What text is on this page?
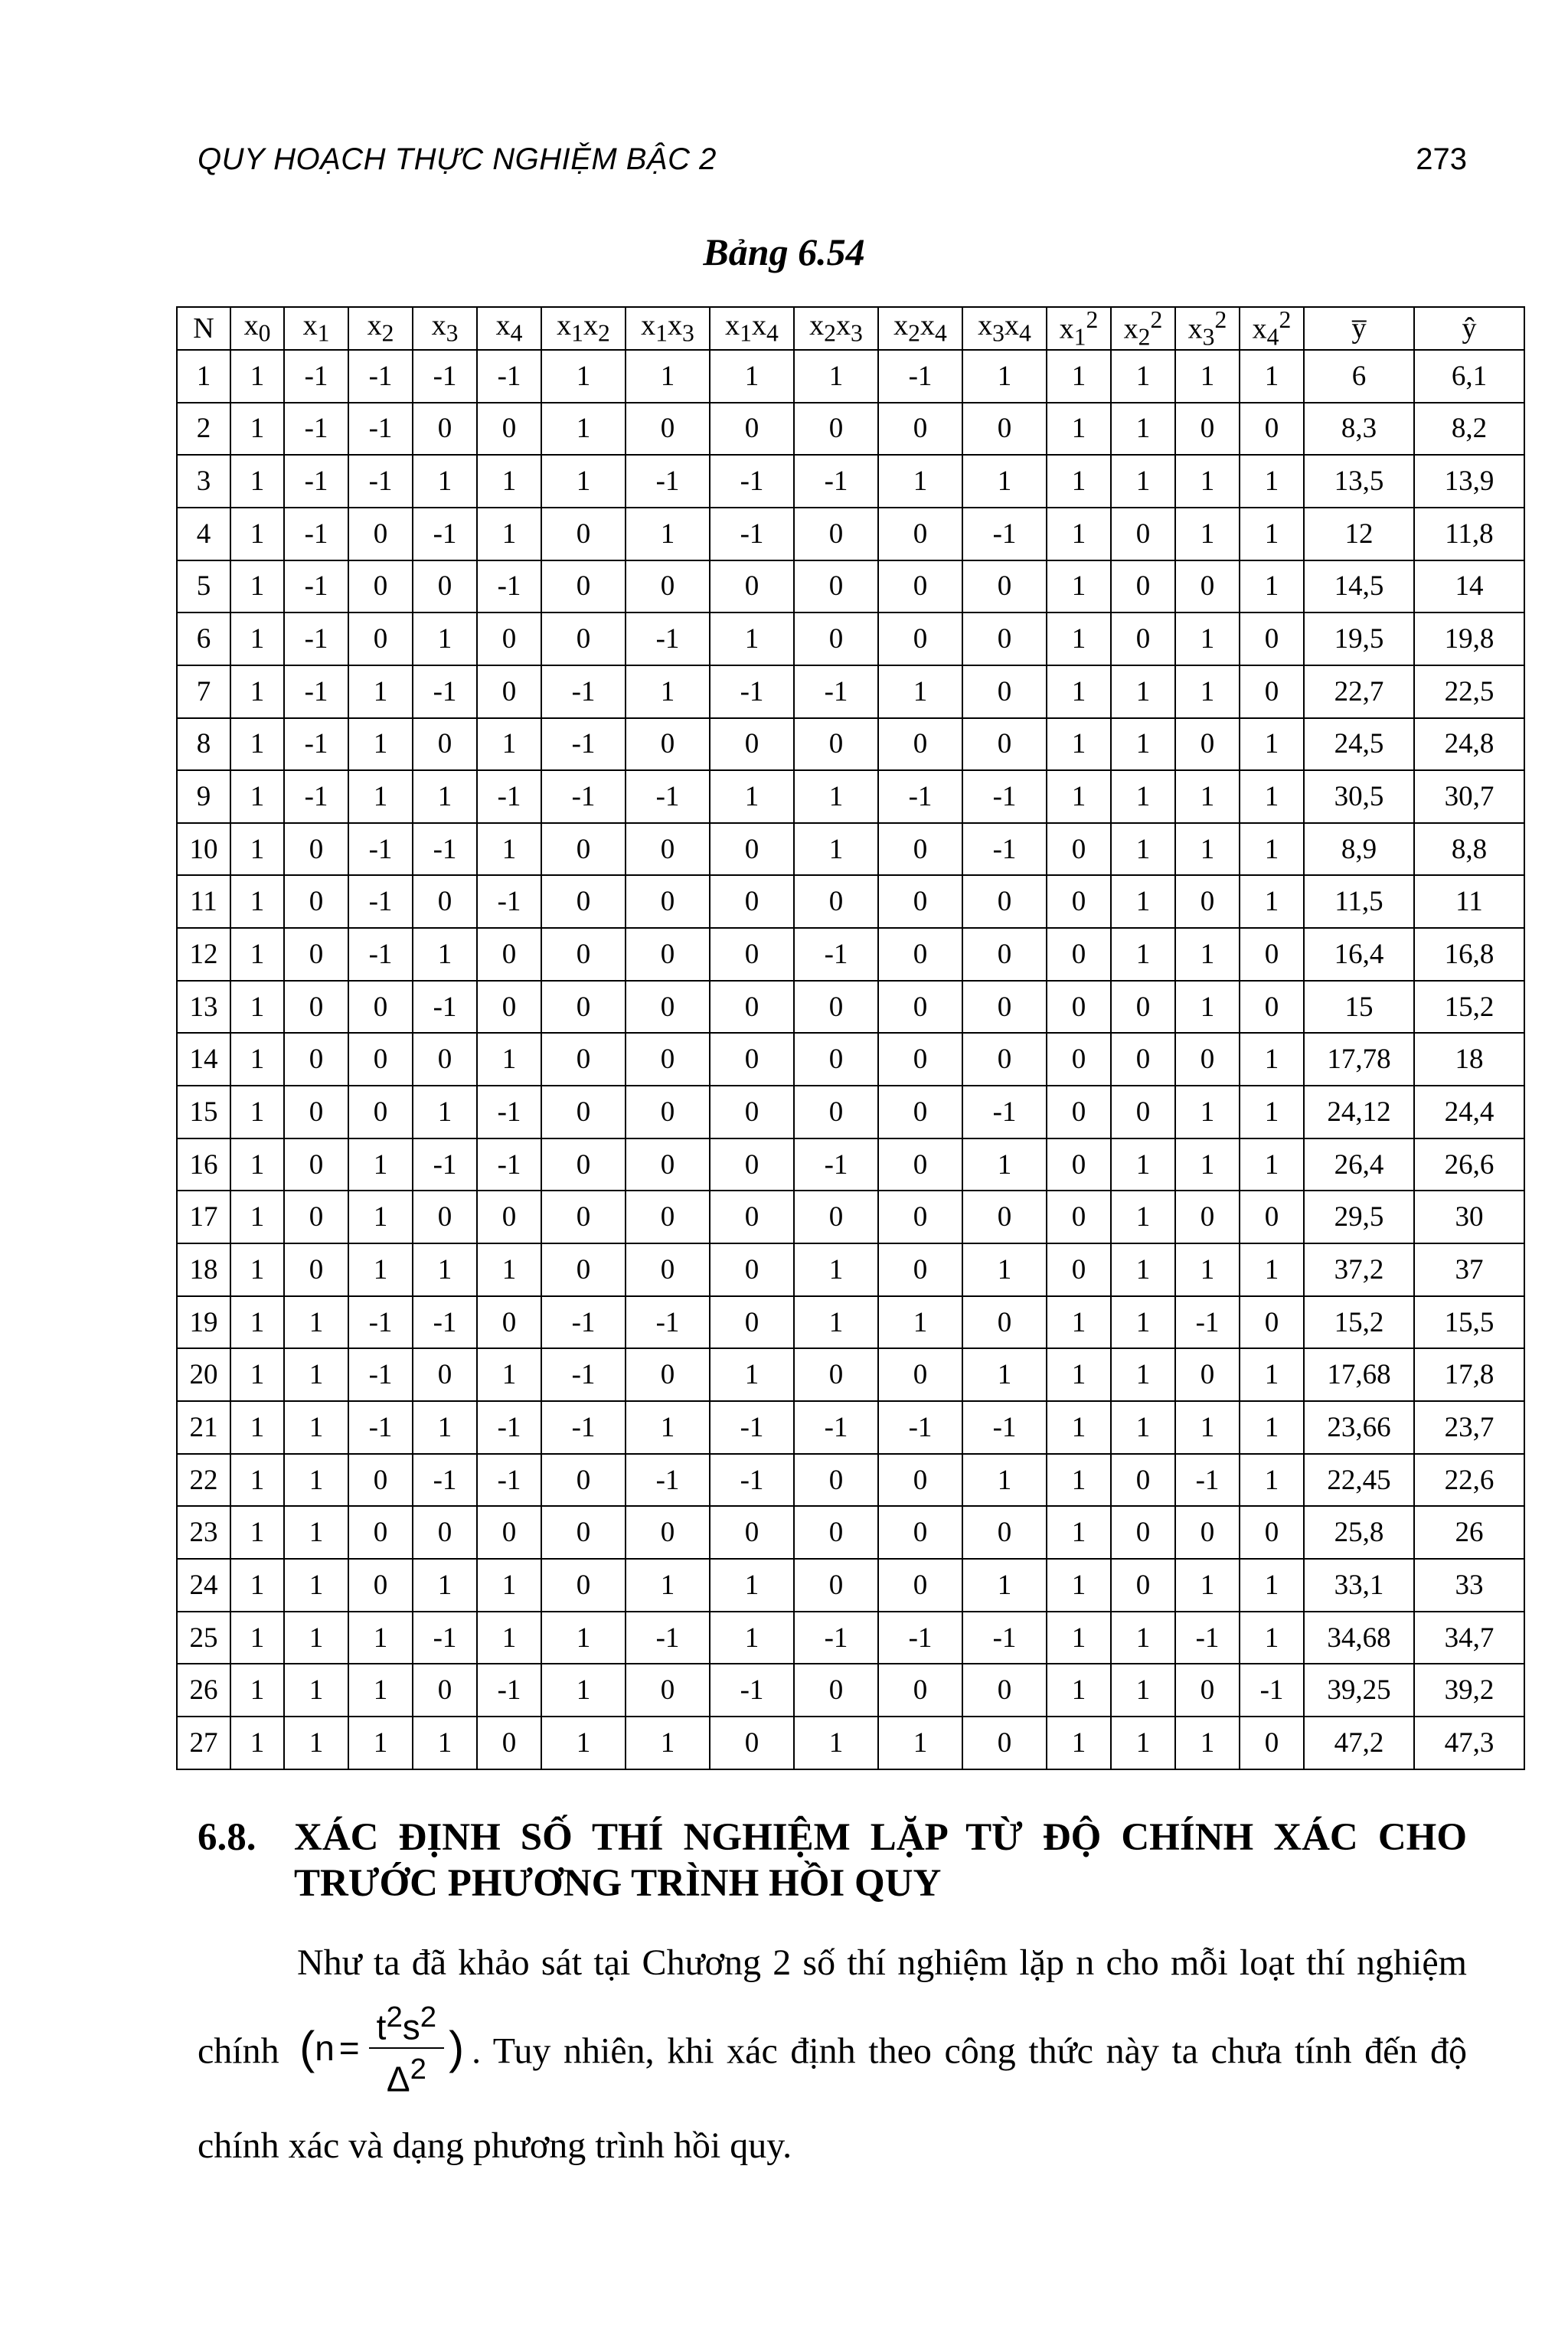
QUY HOẠCH THỰC NGHIỆM BẬC 2	273
Bảng 6.54
N	$x_0$	$x_1$	$x_2$	$x_3$	$x_4$	$x_1x_2$	$x_1x_3$	$x_1x_4$	$x_2x_3$	$x_2x_4$	$x_3x_4$	$x_1^2$	$x_2^2$	$x_3^2$	$x_4^2$	y̅	ŷ
1	1	-1	-1	-1	-1	1	1	1	1	-1	1	1	1	1	1	6	6,1
2	1	-1	-1	0	0	1	0	0	0	0	0	1	1	0	0	8,3	8,2
3	1	-1	-1	1	1	1	-1	-1	-1	1	1	1	1	1	1	13,5	13,9
4	1	-1	0	-1	1	0	1	-1	0	0	-1	1	0	1	1	12	11,8
5	1	-1	0	0	-1	0	0	0	0	0	0	1	0	0	1	14,5	14
6	1	-1	0	1	0	0	-1	1	0	0	0	1	0	1	0	19,5	19,8
7	1	-1	1	-1	0	-1	1	-1	-1	1	0	1	1	1	0	22,7	22,5
8	1	-1	1	0	1	-1	0	0	0	0	0	1	1	0	1	24,5	24,8
9	1	-1	1	1	-1	-1	-1	1	1	-1	-1	1	1	1	1	30,5	30,7
10	1	0	-1	-1	1	0	0	0	1	0	-1	0	1	1	1	8,9	8,8
11	1	0	-1	0	-1	0	0	0	0	0	0	0	1	0	1	11,5	11
12	1	0	-1	1	0	0	0	0	-1	0	0	0	1	1	0	16,4	16,8
13	1	0	0	-1	0	0	0	0	0	0	0	0	0	1	0	15	15,2
14	1	0	0	0	1	0	0	0	0	0	0	0	0	0	1	17,78	18
15	1	0	0	1	-1	0	0	0	0	0	-1	0	0	1	1	24,12	24,4
16	1	0	1	-1	-1	0	0	0	-1	0	1	0	1	1	1	26,4	26,6
17	1	0	1	0	0	0	0	0	0	0	0	0	1	0	0	29,5	30
18	1	0	1	1	1	0	0	0	1	0	1	0	1	1	1	37,2	37
19	1	1	-1	-1	0	-1	-1	0	1	1	0	1	1	-1	0	15,2	15,5
20	1	1	-1	0	1	-1	0	1	0	0	1	1	1	0	1	17,68	17,8
21	1	1	-1	1	-1	-1	1	-1	-1	-1	-1	1	1	1	1	23,66	23,7
22	1	1	0	-1	-1	0	-1	-1	0	0	1	1	0	-1	1	22,45	22,6
23	1	1	0	0	0	0	0	0	0	0	0	1	0	0	0	25,8	26
24	1	1	0	1	1	0	1	1	0	0	1	1	0	1	1	33,1	33
25	1	1	1	-1	1	1	-1	1	-1	-1	-1	1	1	-1	1	34,68	34,7
26	1	1	1	0	-1	1	0	-1	0	0	0	1	1	0	-1	39,25	39,2
27	1	1	1	1	0	1	1	0	1	1	0	1	1	1	0	47,2	47,3
6.8. XÁC ĐỊNH SỐ THÍ NGHIỆM LẶP TỪ ĐỘ CHÍNH XÁC CHO TRƯỚC PHƯƠNG TRÌNH HỒI QUY
Như ta đã khảo sát tại Chương 2 số thí nghiệm lặp n cho mỗi loạt thí nghiệm chính ( $n = \frac{t^2s^2}{\Delta^2}$ ) . Tuy nhiên, khi xác định theo công thức này ta chưa tính đến độ chính xác và dạng phương trình hồi quy.
